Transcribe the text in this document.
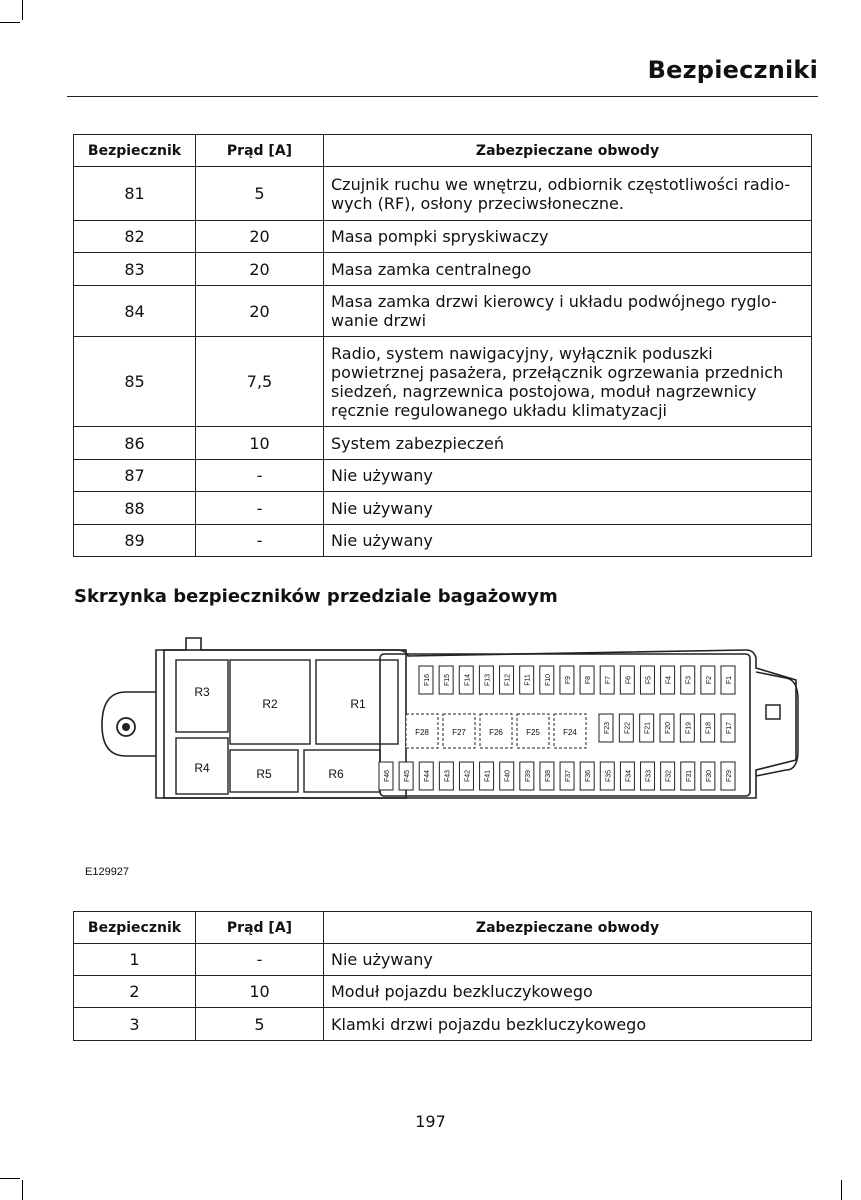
Bezpieczniki
Bezpiecznik	Prąd [A]	Zabezpieczane obwody
81	5	Czujnik ruchu we wnętrzu, odbiornik częstotliwości radio-
wych (RF), osłony przeciwsłoneczne.
82	20	Masa pompki spryskiwaczy
83	20	Masa zamka centralnego
84	20	Masa zamka drzwi kierowcy i układu podwójnego ryglo-
wanie drzwi
85	7,5	Radio, system nawigacyjny, wyłącznik poduszki
powietrznej pasażera, przełącznik ogrzewania przednich
siedzeń, nagrzewnica postojowa, moduł nagrzewnicy
ręcznie regulowanego układu klimatyzacji
86	10	System zabezpieczeń
87	-	Nie używany
88	-	Nie używany
89	-	Nie używany
Skrzynka bezpieczników przedziale bagażowym
R1
R2
R3
R4	R5	R6
F16 F15 F14 F13 F12 F11 F10 F9 F8 F7 F6 F5 F4 F3 F2 F1
F23 F22 F21 F20 F19 F18 F17
F46 F45 F44 F43 F42 F41 F40 F39 F38 F37 F36 F35 F34 F33 F32 F31 F30 F29
F28	F27	F26	F25	F24
E129927
Bezpiecznik	Prąd [A]	Zabezpieczane obwody
1	-	Nie używany
2	10	Moduł pojazdu bezkluczykowego
3	5	Klamki drzwi pojazdu bezkluczykowego
197
